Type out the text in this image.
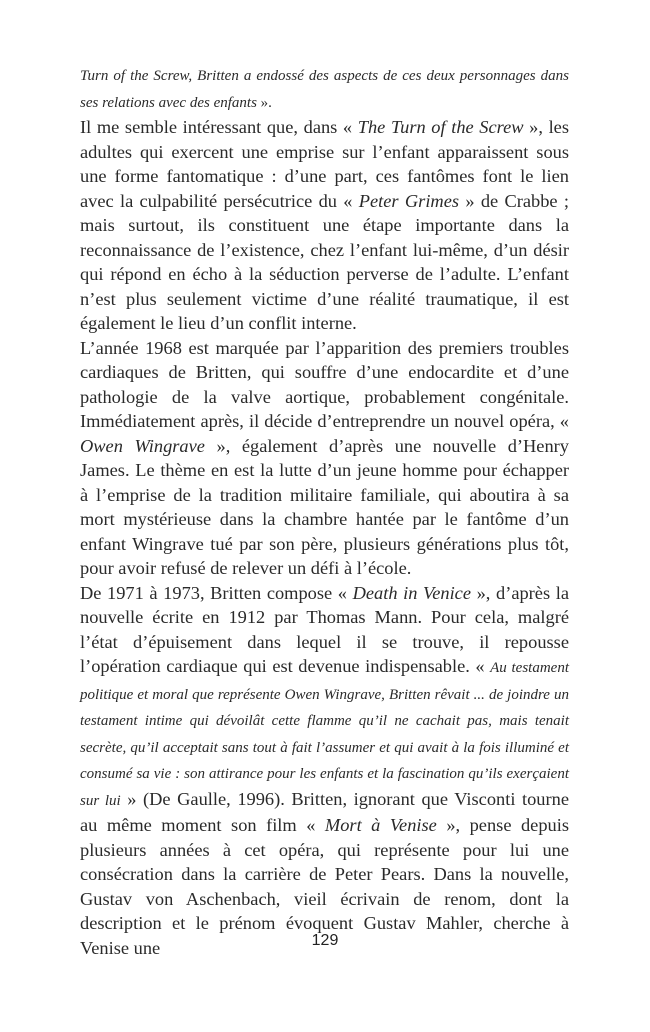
Turn of the Screw, Britten a endossé des aspects de ces deux personnages dans ses relations avec des enfants ».

Il me semble intéressant que, dans « The Turn of the Screw », les adultes qui exercent une emprise sur l’enfant apparaissent sous une forme fantomatique : d’une part, ces fantômes font le lien avec la culpabilité persécutrice du « Peter Grimes » de Crabbe ; mais surtout, ils constituent une étape importante dans la reconnaissance de l’existence, chez l’enfant lui-même, d’un désir qui répond en écho à la séduction perverse de l’adulte. L’enfant n’est plus seulement victime d’une réalité traumatique, il est également le lieu d’un conflit interne.

L’année 1968 est marquée par l’apparition des premiers troubles cardiaques de Britten, qui souffre d’une endocardite et d’une pathologie de la valve aortique, probablement congénitale. Immédiatement après, il décide d’entreprendre un nouvel opéra, « Owen Wingrave », également d’après une nouvelle d’Henry James. Le thème en est la lutte d’un jeune homme pour échapper à l’emprise de la tradition militaire familiale, qui aboutira à sa mort mystérieuse dans la chambre hantée par le fantôme d’un enfant Wingrave tué par son père, plusieurs générations plus tôt, pour avoir refusé de relever un défi à l’école.

De 1971 à 1973, Britten compose « Death in Venice », d’après la nouvelle écrite en 1912 par Thomas Mann. Pour cela, malgré l’état d’épuisement dans lequel il se trouve, il repousse l’opération cardiaque qui est devenue indispensable. « Au testament politique et moral que représente Owen Wingrave, Britten rêvait ... de joindre un testament intime qui dévoilât cette flamme qu’il ne cachait pas, mais tenait secrète, qu’il acceptait sans tout à fait l’assumer et qui avait à la fois illuminé et consumé sa vie : son attirance pour les enfants et la fascination qu’ils exerçaient sur lui » (De Gaulle, 1996). Britten, ignorant que Visconti tourne au même moment son film « Mort à Venise », pense depuis plusieurs années à cet opéra, qui représente pour lui une consécration dans la carrière de Peter Pears. Dans la nouvelle, Gustav von Aschenbach, vieil écrivain de renom, dont la description et le prénom évoquent Gustav Mahler, cherche à Venise une	129
